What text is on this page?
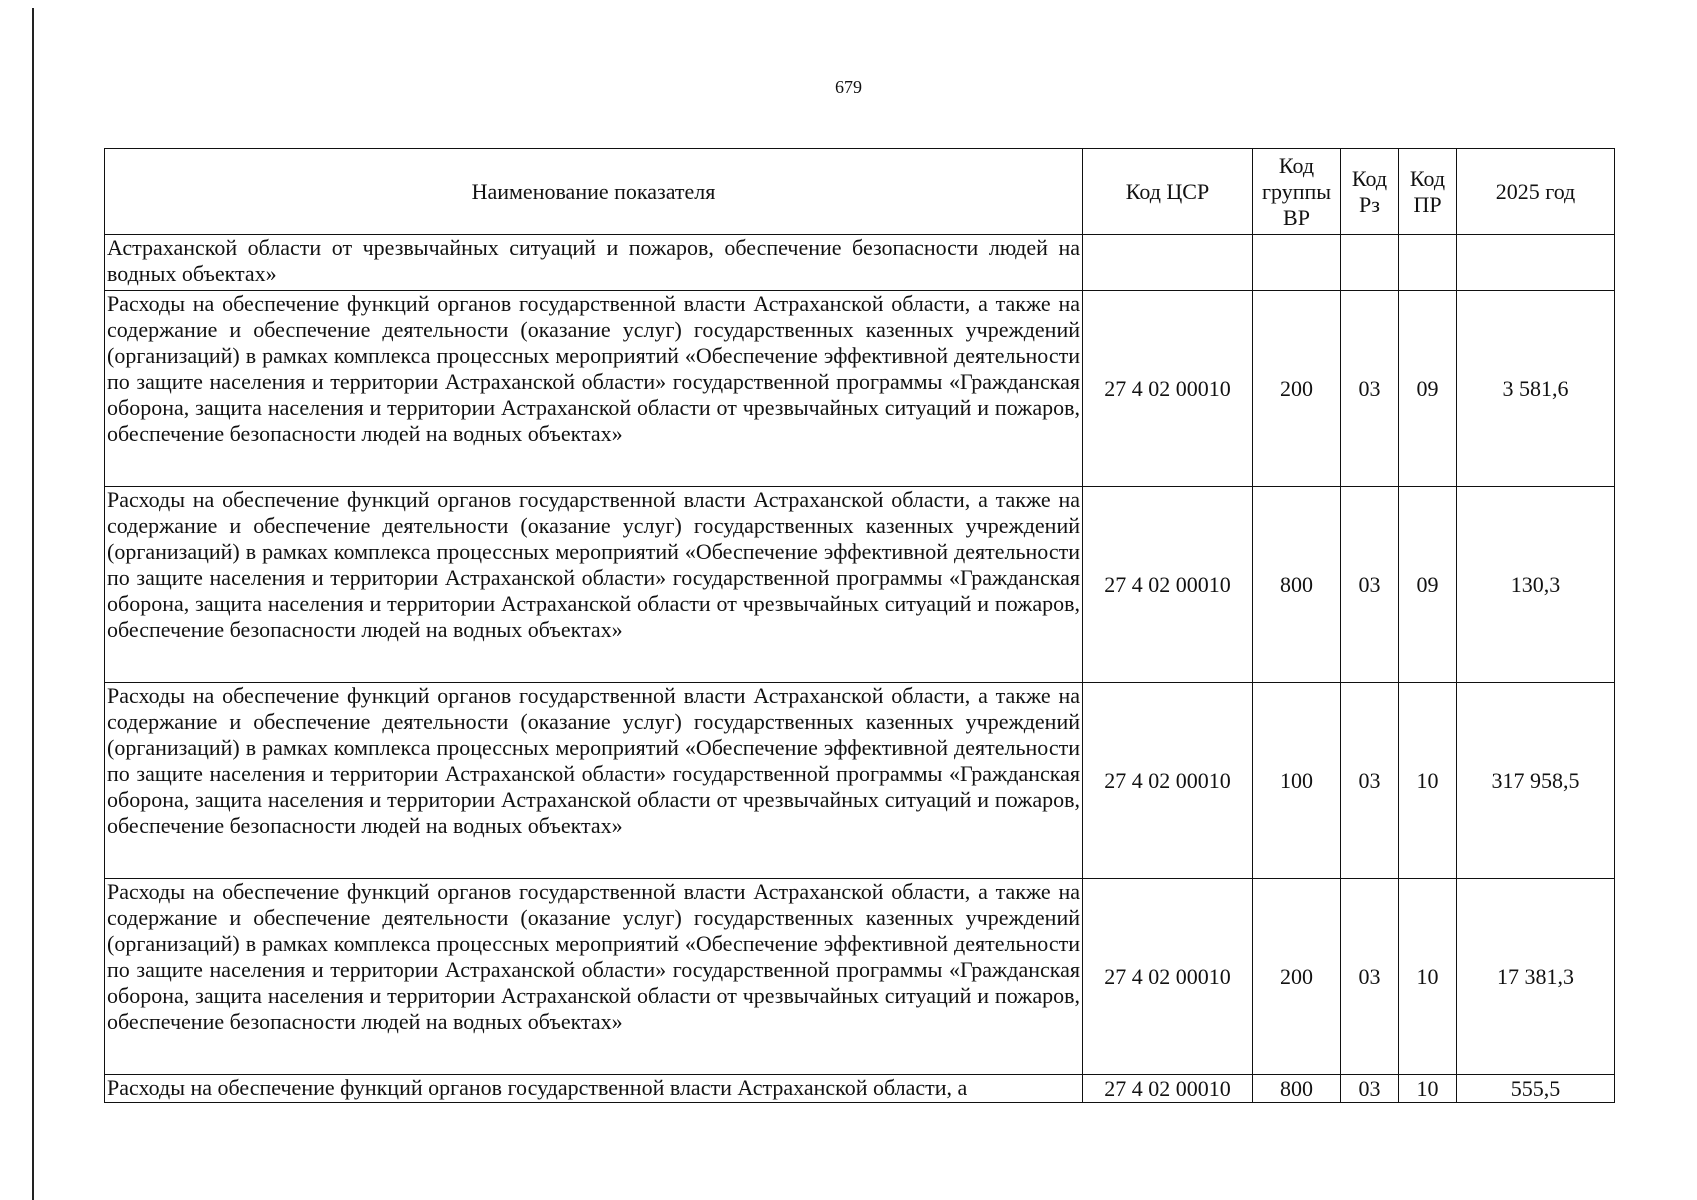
679
Наименование показателя	Код ЦСР	Код группы ВР	Код Рз	Код ПР	2025 год
Астраханской области от чрезвычайных ситуаций и пожаров, обеспечение безопасности людей на водных объектах»					
Расходы на обеспечение функций органов государственной власти Астраханской области, а также на содержание и обеспечение деятельности (оказание услуг) государственных казенных учреждений (организаций) в рамках комплекса процессных мероприятий «Обеспечение эффективной деятельности по защите населения и территории Астраханской области» государственной программы «Гражданская оборона, защита населения и территории Астраханской области от чрезвычайных ситуаций и пожаров, обеспечение безопасности людей на водных объектах»	27 4 02 00010	200	03	09	3 581,6
Расходы на обеспечение функций органов государственной власти Астраханской области, а также на содержание и обеспечение деятельности (оказание услуг) государственных казенных учреждений (организаций) в рамках комплекса процессных мероприятий «Обеспечение эффективной деятельности по защите населения и территории Астраханской области» государственной программы «Гражданская оборона, защита населения и территории Астраханской области от чрезвычайных ситуаций и пожаров, обеспечение безопасности людей на водных объектах»	27 4 02 00010	800	03	09	130,3
Расходы на обеспечение функций органов государственной власти Астраханской области, а также на содержание и обеспечение деятельности (оказание услуг) государственных казенных учреждений (организаций) в рамках комплекса процессных мероприятий «Обеспечение эффективной деятельности по защите населения и территории Астраханской области» государственной программы «Гражданская оборона, защита населения и территории Астраханской области от чрезвычайных ситуаций и пожаров, обеспечение безопасности людей на водных объектах»	27 4 02 00010	100	03	10	317 958,5
Расходы на обеспечение функций органов государственной власти Астраханской области, а также на содержание и обеспечение деятельности (оказание услуг) государственных казенных учреждений (организаций) в рамках комплекса процессных мероприятий «Обеспечение эффективной деятельности по защите населения и территории Астраханской области» государственной программы «Гражданская оборона, защита населения и территории Астраханской области от чрезвычайных ситуаций и пожаров, обеспечение безопасности людей на водных объектах»	27 4 02 00010	200	03	10	17 381,3
Расходы на обеспечение функций органов государственной власти Астраханской области, а	27 4 02 00010	800	03	10	555,5
